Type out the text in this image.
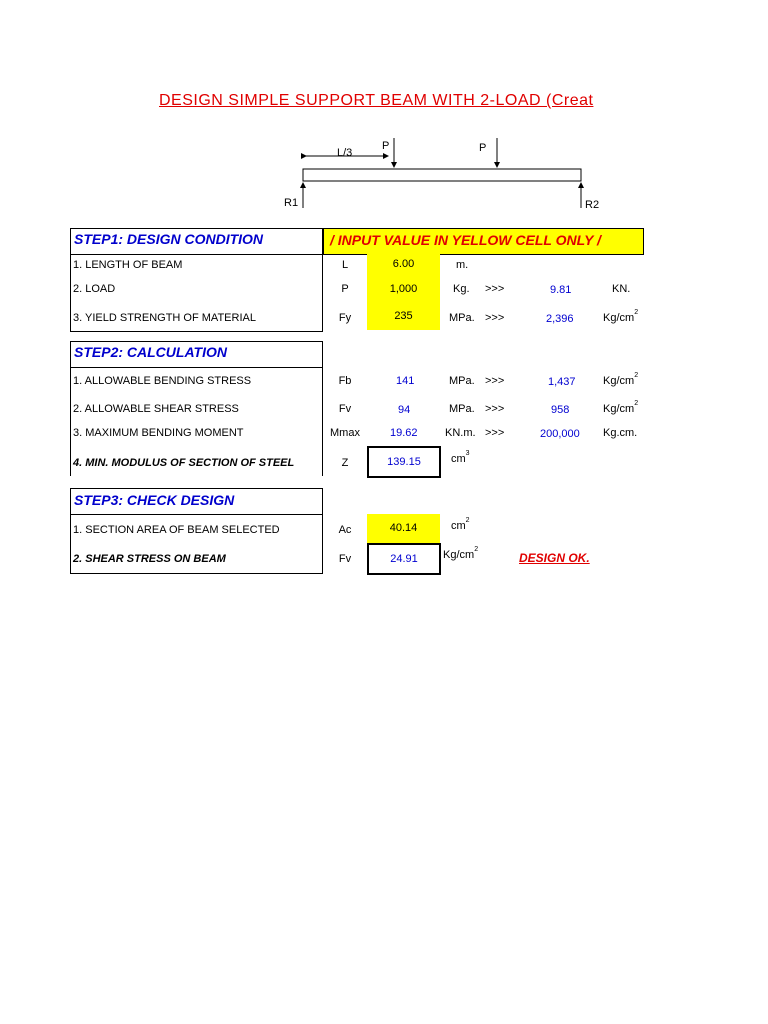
DESIGN SIMPLE SUPPORT BEAM WITH 2-LOAD (Creat
P	P
L/3
R1	R2
STEP1: DESIGN CONDITION	/ INPUT VALUE IN YELLOW CELL ONLY /
1. LENGTH OF BEAM	L	6.00	m.
2. LOAD	P	1,000	Kg. >>>	9.81	KN.
3. YIELD STRENGTH OF MATERIAL	Fy	235	MPa. >>>	2,396	$Kg/cm^2$
STEP2: CALCULATION
1. ALLOWABLE BENDING STRESS	Fb	141	MPa. >>>	1,437 $Kg/cm^2$
2. ALLOWABLE SHEAR STRESS	Fv	94	MPa. >>>	958	$Kg/cm^2$
3. MAXIMUM BENDING MOMENT	Mmax	19.62 KN.m. >>>	200,000 Kg.cm.
4. MIN. MODULUS OF SECTION OF STEEL	Z	139.15	$cm^3$
STEP3: CHECK DESIGN
1. SECTION AREA OF BEAM SELECTED	Ac	40.14	$cm^2$
2. SHEAR STRESS ON BEAM	Fv	24.91	$Kg/cm^2$
DESIGN OK.
